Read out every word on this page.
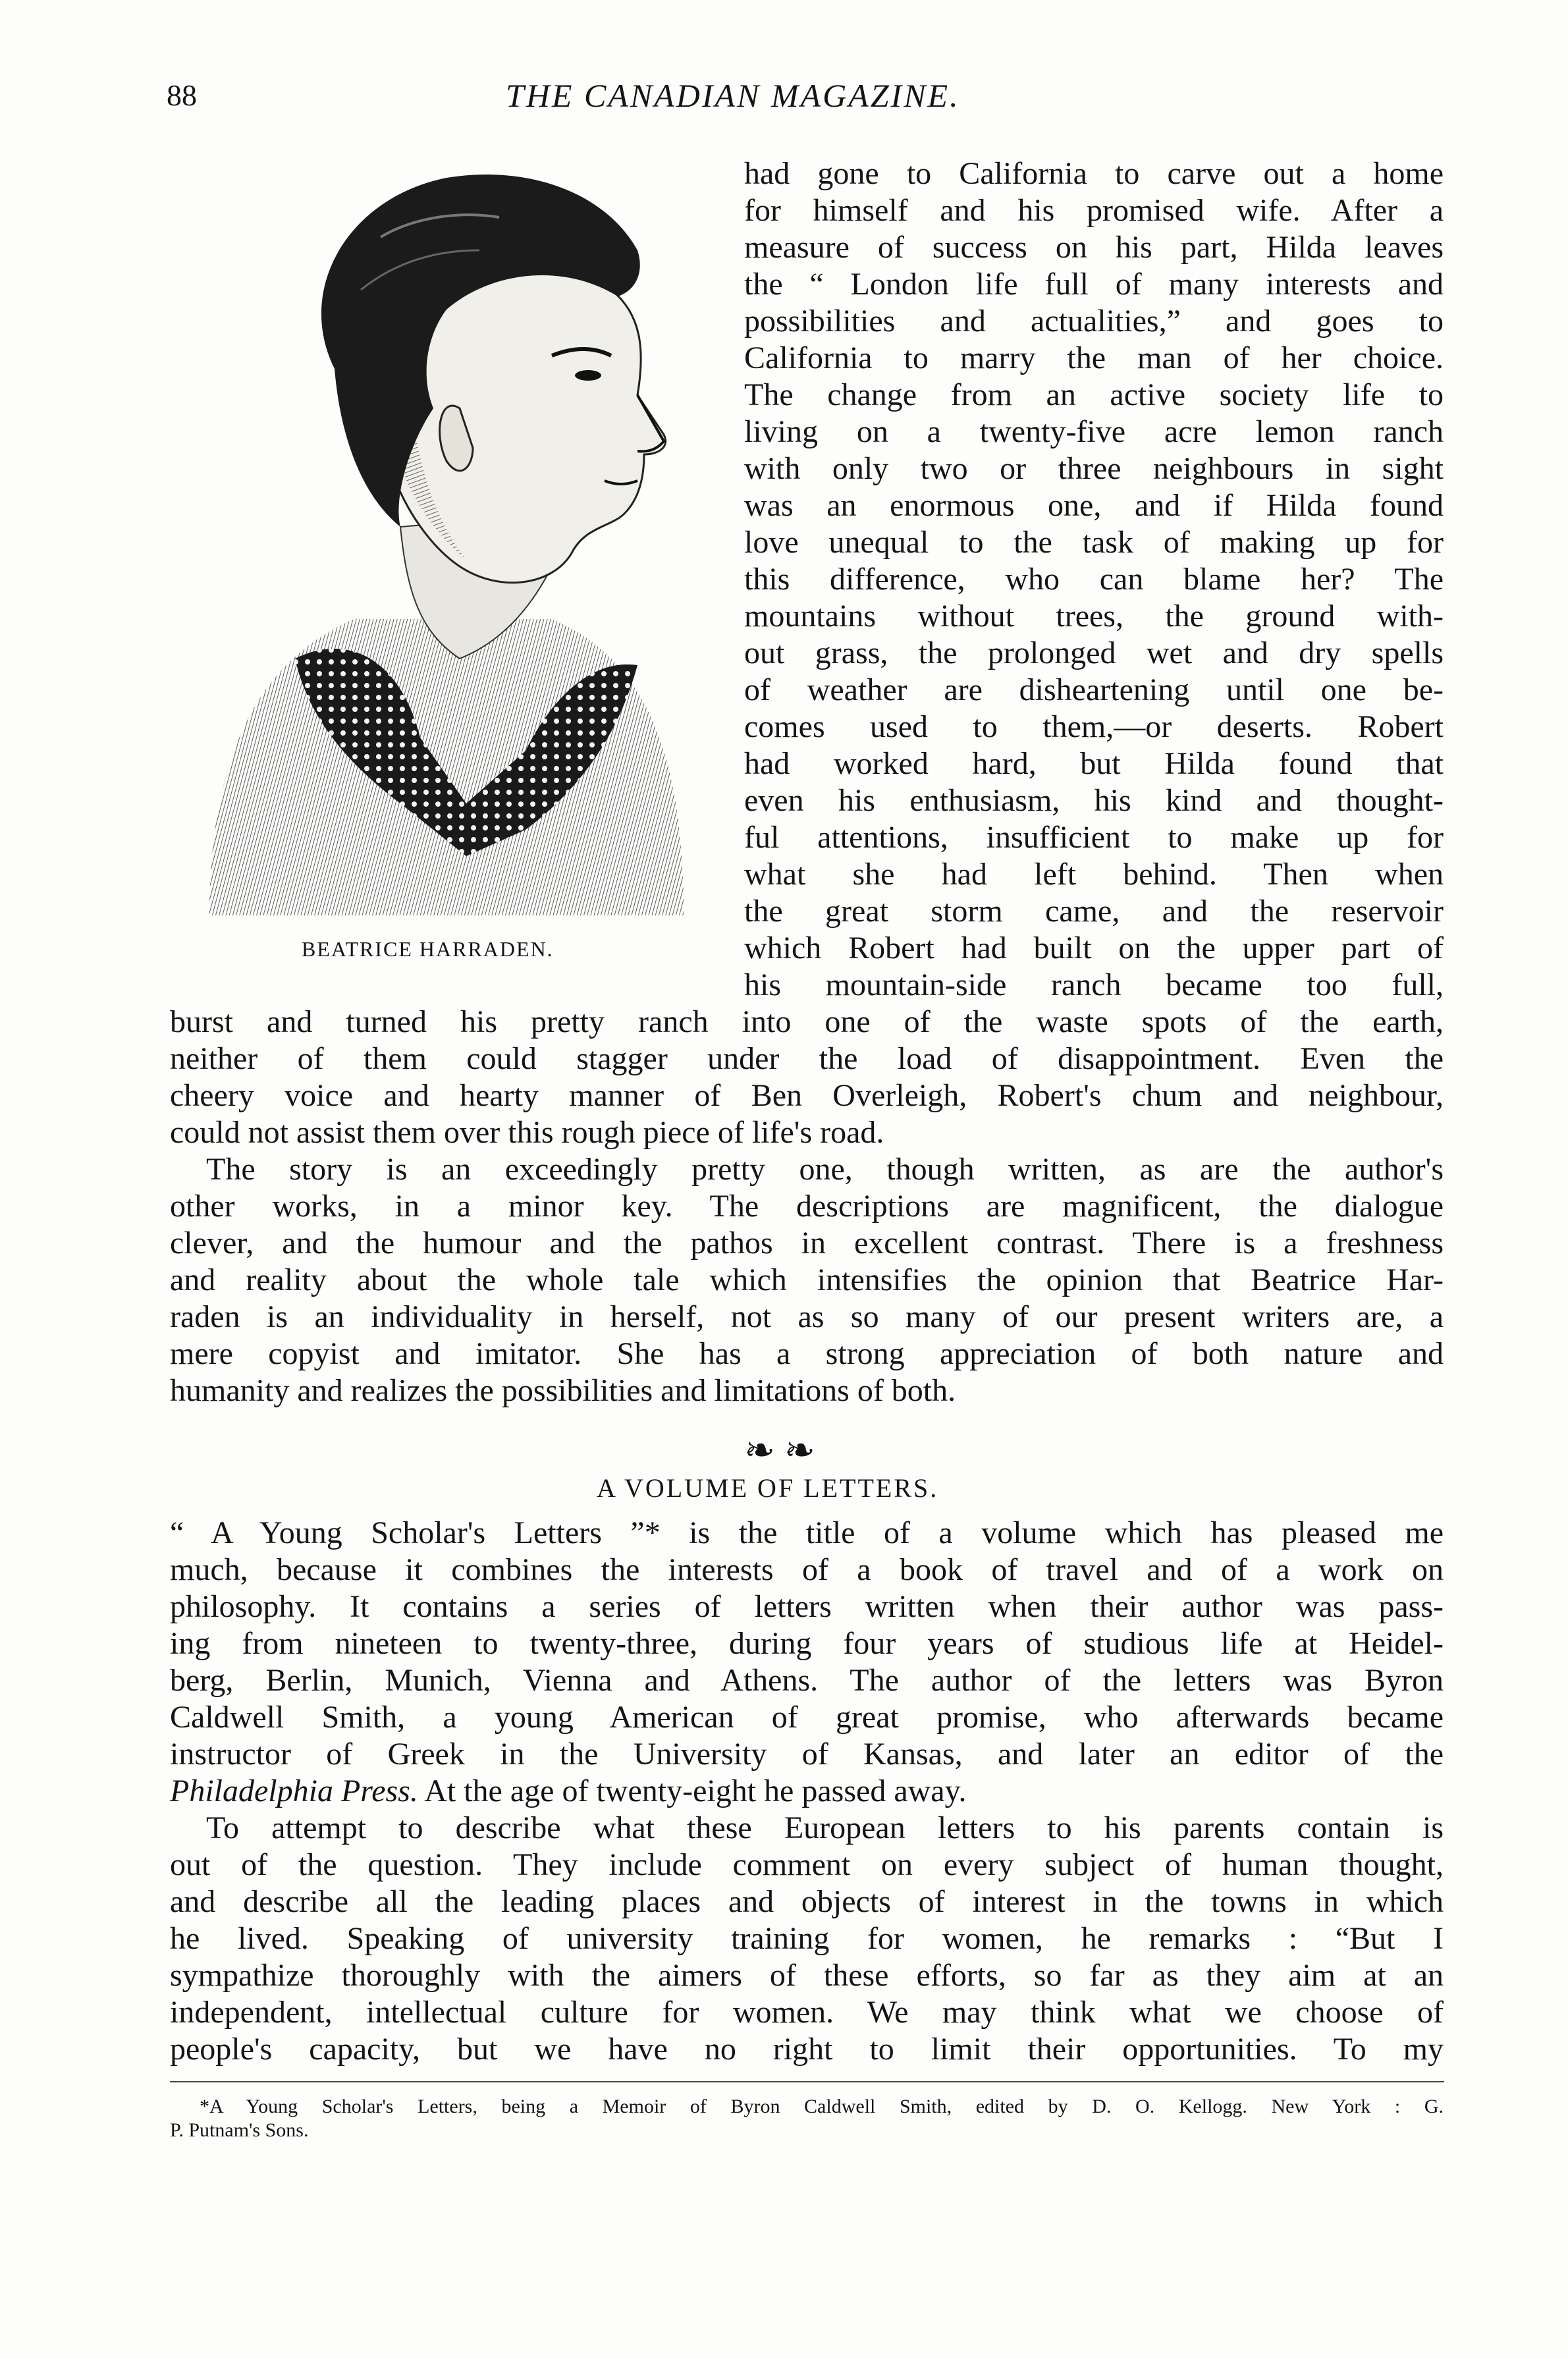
88	THE CANADIAN MAGAZINE.
BEATRICE HARRADEN.
had gone to California to carve out a home
for himself and his promised wife. After a
measure of success on his part, Hilda leaves
the “ London life full of many interests and
possibilities and actualities,” and goes to
California to marry the man of her choice.
The change from an active society life to
living on a twenty-five acre lemon ranch
with only two or three neighbours in sight
was an enormous one, and if Hilda found
love unequal to the task of making up for
this difference, who can blame her? The
mountains without trees, the ground with-
out grass, the prolonged wet and dry spells
of weather are disheartening until one be-
comes used to them,—or deserts. Robert
had worked hard, but Hilda found that
even his enthusiasm, his kind and thought-
ful attentions, insufficient to make up for
what she had left behind. Then when
the great storm came, and the reservoir
which Robert had built on the upper part of
his mountain-side ranch became too full,
burst and turned his pretty ranch into one of the waste spots of the earth,
neither of them could stagger under the load of disappointment. Even the
cheery voice and hearty manner of Ben Overleigh, Robert's chum and neighbour,
could not assist them over this rough piece of life's road.
The story is an exceedingly pretty one, though written, as are the author's
other works, in a minor key. The descriptions are magnificent, the dialogue
clever, and the humour and the pathos in excellent contrast. There is a freshness
and reality about the whole tale which intensifies the opinion that Beatrice Har-
raden is an individuality in herself, not as so many of our present writers are, a
mere copyist and imitator. She has a strong appreciation of both nature and
humanity and realizes the possibilities and limitations of both.
❧ ❧
A VOLUME OF LETTERS.
“ A Young Scholar's Letters ”* is the title of a volume which has pleased me
much, because it combines the interests of a book of travel and of a work on
philosophy. It contains a series of letters written when their author was pass-
ing from nineteen to twenty-three, during four years of studious life at Heidel-
berg, Berlin, Munich, Vienna and Athens. The author of the letters was Byron
Caldwell Smith, a young American of great promise, who afterwards became
instructor of Greek in the University of Kansas, and later an editor of the
Philadelphia Press. At the age of twenty-eight he passed away.
To attempt to describe what these European letters to his parents contain is
out of the question. They include comment on every subject of human thought,
and describe all the leading places and objects of interest in the towns in which
he lived. Speaking of university training for women, he remarks : “But I
sympathize thoroughly with the aimers of these efforts, so far as they aim at an
independent, intellectual culture for women. We may think what we choose of
people's capacity, but we have no right to limit their opportunities. To my
*A Young Scholar's Letters, being a Memoir of Byron Caldwell Smith, edited by D. O. Kellogg. New York : G.
P. Putnam's Sons.
